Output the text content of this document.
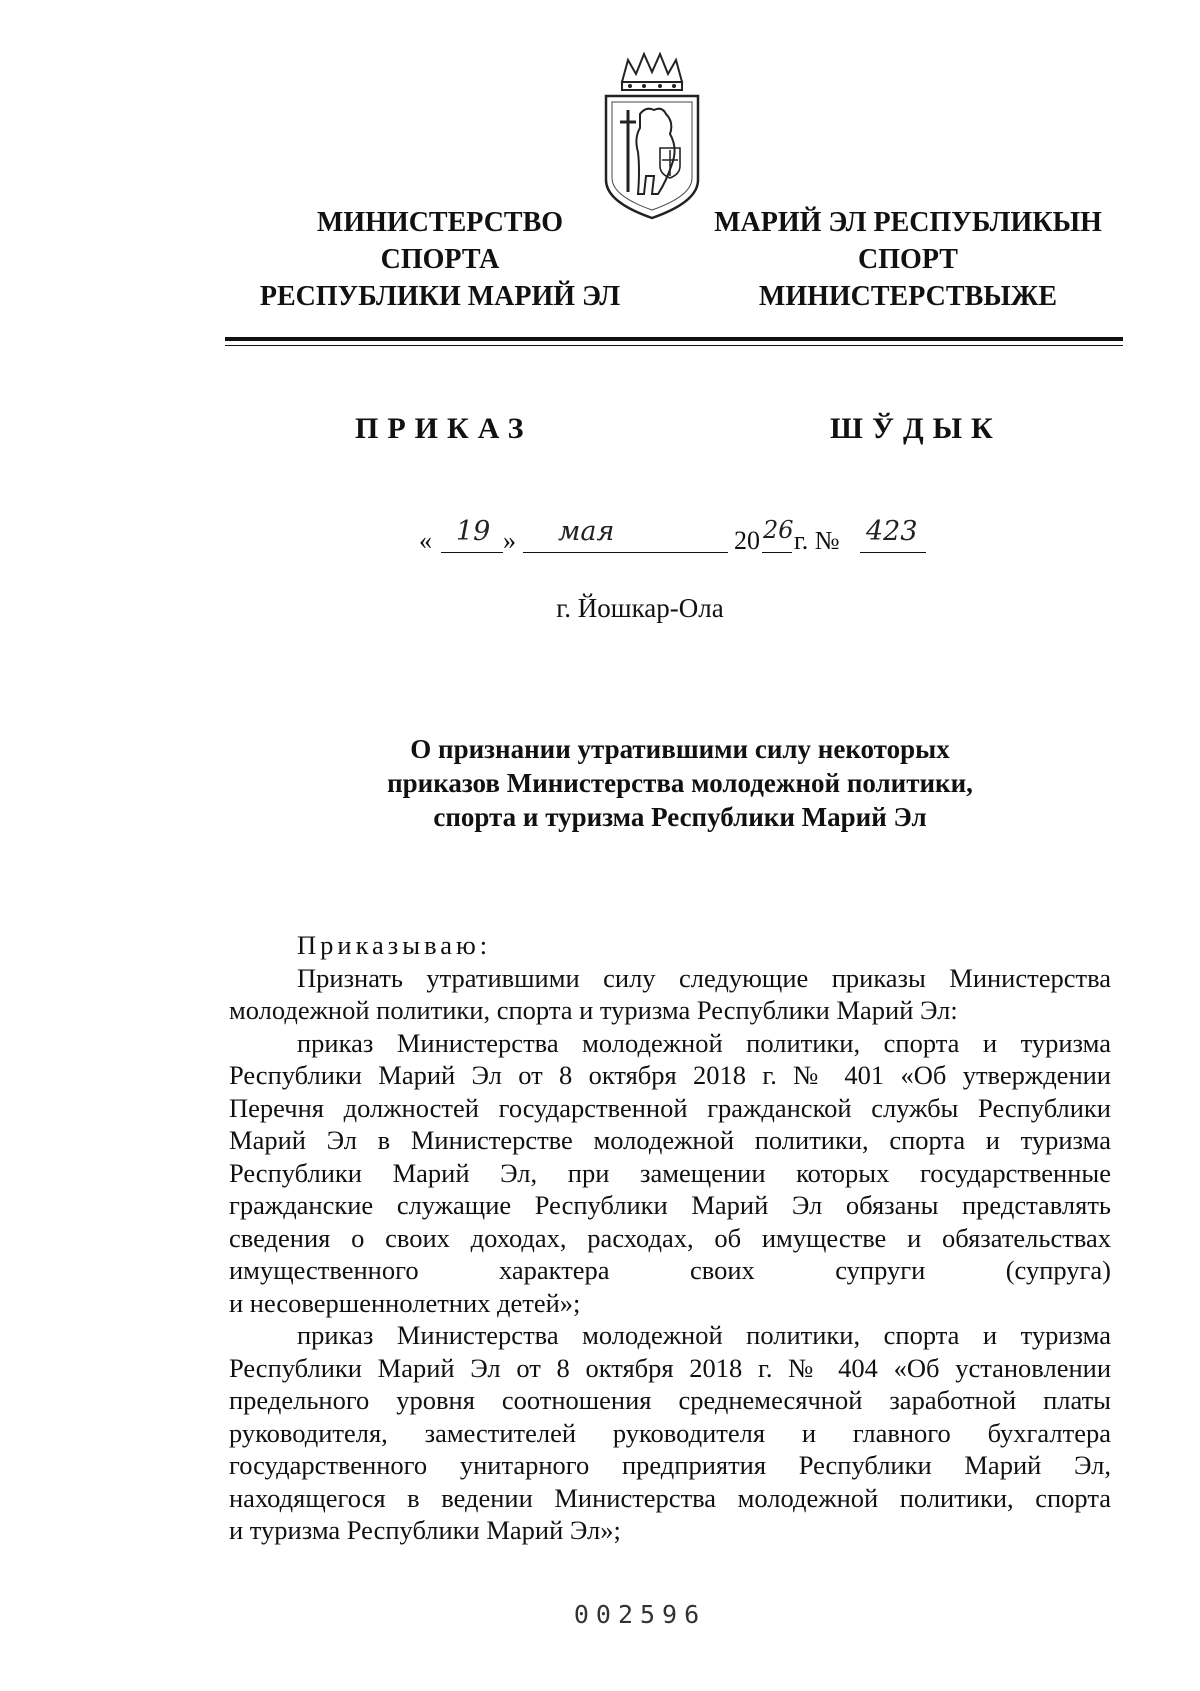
МИНИСТЕРСТВО
СПОРТА
РЕСПУБЛИКИ МАРИЙ ЭЛ
МАРИЙ ЭЛ РЕСПУБЛИКЫН
СПОРТ
МИНИСТЕРСТВЫЖЕ
ПРИКАЗ	ШЎДЫК
« 19 » мая	20 26 г. № 423
г. Йошкар-Ола
О признании утратившими силу некоторых
приказов Министерства молодежной политики,
спорта и туризма Республики Марий Эл
Приказываю:
Признать утратившими силу следующие приказы Министерства
молодежной политики, спорта и туризма Республики Марий Эл:
приказ Министерства молодежной политики, спорта и туризма
Республики Марий Эл от 8 октября 2018 г. № 401 «Об утверждении
Перечня должностей государственной гражданской службы Республики
Марий Эл в Министерстве молодежной политики, спорта и туризма
Республики Марий Эл, при замещении которых государственные
гражданские служащие Республики Марий Эл обязаны представлять
сведения о своих доходах, расходах, об имуществе и обязательствах
имущественного характера своих супруги (супруга)
и несовершеннолетних детей»;
приказ Министерства молодежной политики, спорта и туризма
Республики Марий Эл от 8 октября 2018 г. № 404 «Об установлении
предельного уровня соотношения среднемесячной заработной платы
руководителя, заместителей руководителя и главного бухгалтера
государственного унитарного предприятия Республики Марий Эл,
находящегося в ведении Министерства молодежной политики, спорта
и туризма Республики Марий Эл»;
002596
